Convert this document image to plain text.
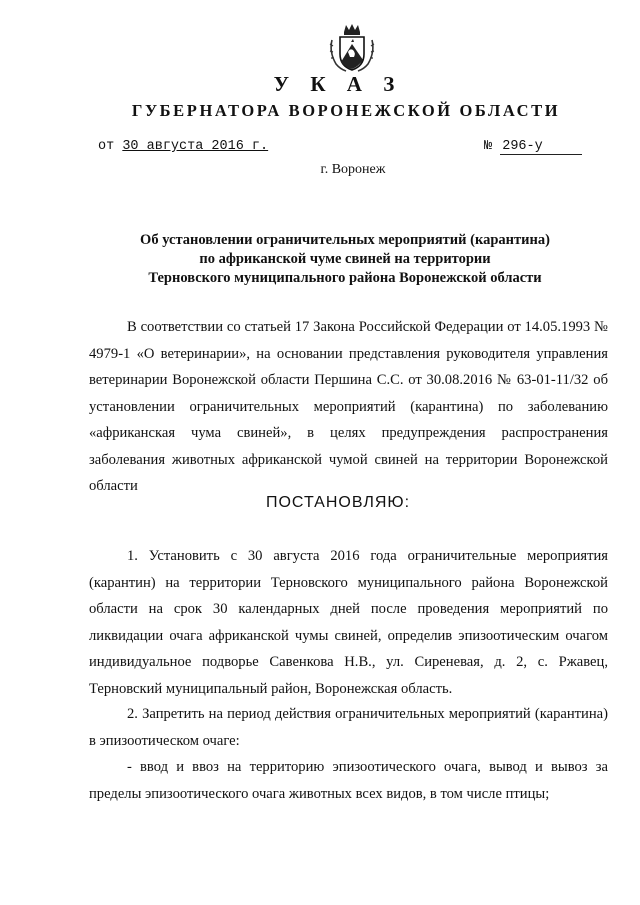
У К А З
ГУБЕРНАТОРА ВОРОНЕЖСКОЙ ОБЛАСТИ
от 30 августа 2016 г.	№ 296-у
г. Воронеж
Об установлении ограничительных мероприятий (карантина)
по африканской чуме свиней на территории
Терновского муниципального района Воронежской области
В соответствии со статьей 17 Закона Российской Федерации от 14.05.1993 № 4979-1 «О ветеринарии», на основании представления руководителя управления ветеринарии Воронежской области Першина С.С. от 30.08.2016 № 63-01-11/32 об установлении ограничительных мероприятий (карантина) по заболеванию «африканская чума свиней», в целях предупреждения распространения заболевания животных африканской чумой свиней на территории Воронежской области
ПОСТАНОВЛЯЮ:
1. Установить с 30 августа 2016 года ограничительные мероприятия (карантин) на территории Терновского муниципального района Воронежской области на срок 30 календарных дней после проведения мероприятий по ликвидации очага африканской чумы свиней, определив эпизоотическим очагом индивидуальное подворье Савенкова Н.В., ул. Сиреневая, д. 2, с. Ржавец, Терновский муниципальный район, Воронежская область.
2. Запретить на период действия ограничительных мероприятий (карантина) в эпизоотическом очаге:
- ввод и ввоз на территорию эпизоотического очага, вывод и вывоз за пределы эпизоотического очага животных всех видов, в том числе птицы;
